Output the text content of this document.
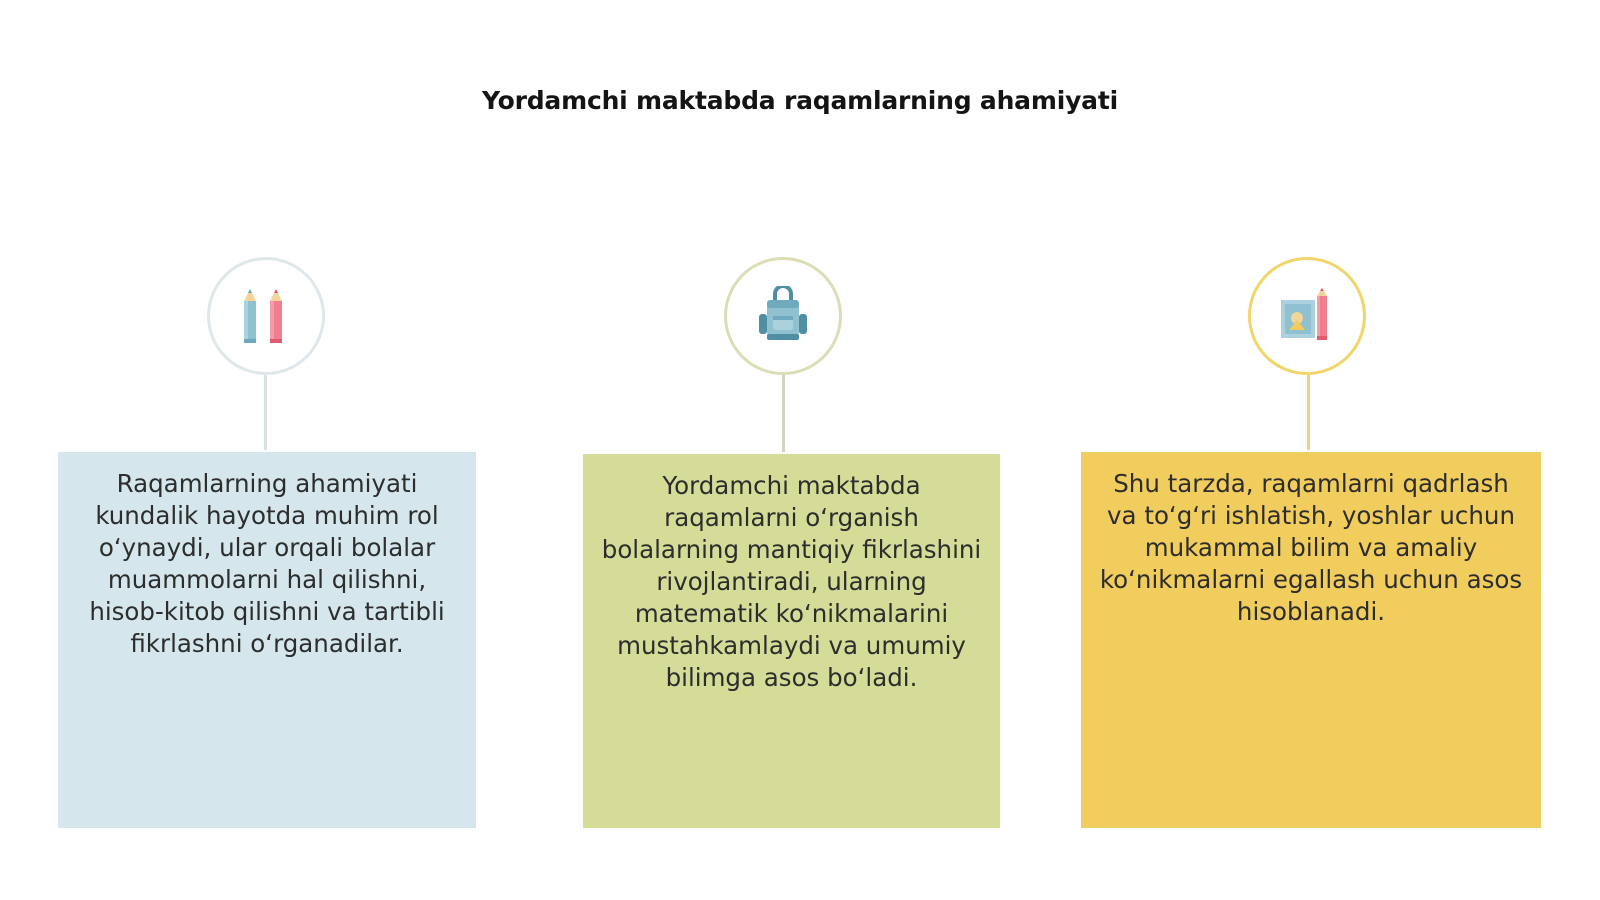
Yordamchi maktabda raqamlarning ahamiyati

Raqamlarning ahamiyati kundalik hayotda muhim rol o‘ynaydi, ular orqali bolalar muammolarni hal qilishni, hisob-kitob qilishni va tartibli fikrlashni o‘rganadilar.

Yordamchi maktabda raqamlarni o‘rganish bolalarning mantiqiy fikrlashini rivojlantiradi, ularning matematik ko‘nikmalarini mustahkamlaydi va umumiy bilimga asos bo‘ladi.

Shu tarzda, raqamlarni qadrlash va to‘g‘ri ishlatish, yoshlar uchun mukammal bilim va amaliy ko‘nikmalarni egallash uchun asos hisoblanadi.
